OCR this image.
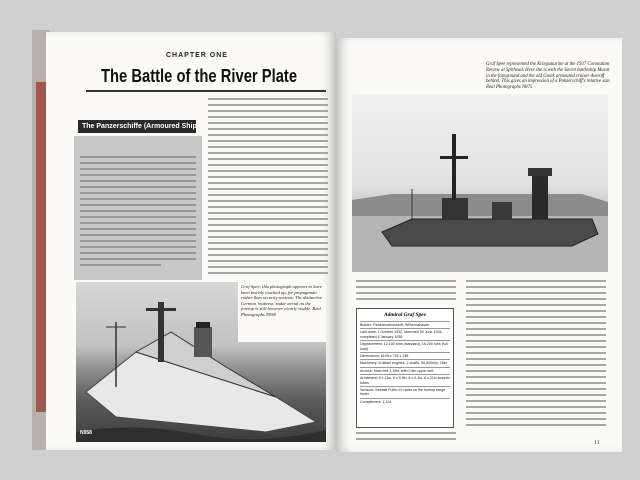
CHAPTER ONE
The Battle of the River Plate
The Panzerschiffe (Armoured Ships)
N958
Graf Spee: this photograph appears to have been heavily touched up, for propaganda rather than security reasons. The distinctive German 'mattress' radar aerial on the foretop is still however clearly visible. Real Photographs N958
10
Graf Spee represented the Kriegsmarine at the 1937 Coronation Review at Spithead. Here she is with the Soviet battleship Marat in the foreground and the old Greek armoured cruiser Averoff behind. This gives an impression of a Panzerschiff's relative size. Real Photographs N875
Admiral Graf Spee
Builder: Reichsmarinewerft, Wilhelmshaven
Laid down 1 October 1932, launched 30 June 1934, completed 6 January 1936
Displacement: 12,100 tons (standard), 16,200 tons (full load)
Dimensions: 610ft x 71ft x 24ft
Machinery: 8 diesel engines, 2 shafts, 56,800shp, 26kt
Armour: Main belt 3.15in, with 0.8in upper belt
Armament: 6 x 11in, 8 x 5.9in, 6 x 4.1in, 8 x 21in torpedo tubes
Sensors: Seetakt FuMo 22 radar on the foretop range finder
Complement: 1,124
11
